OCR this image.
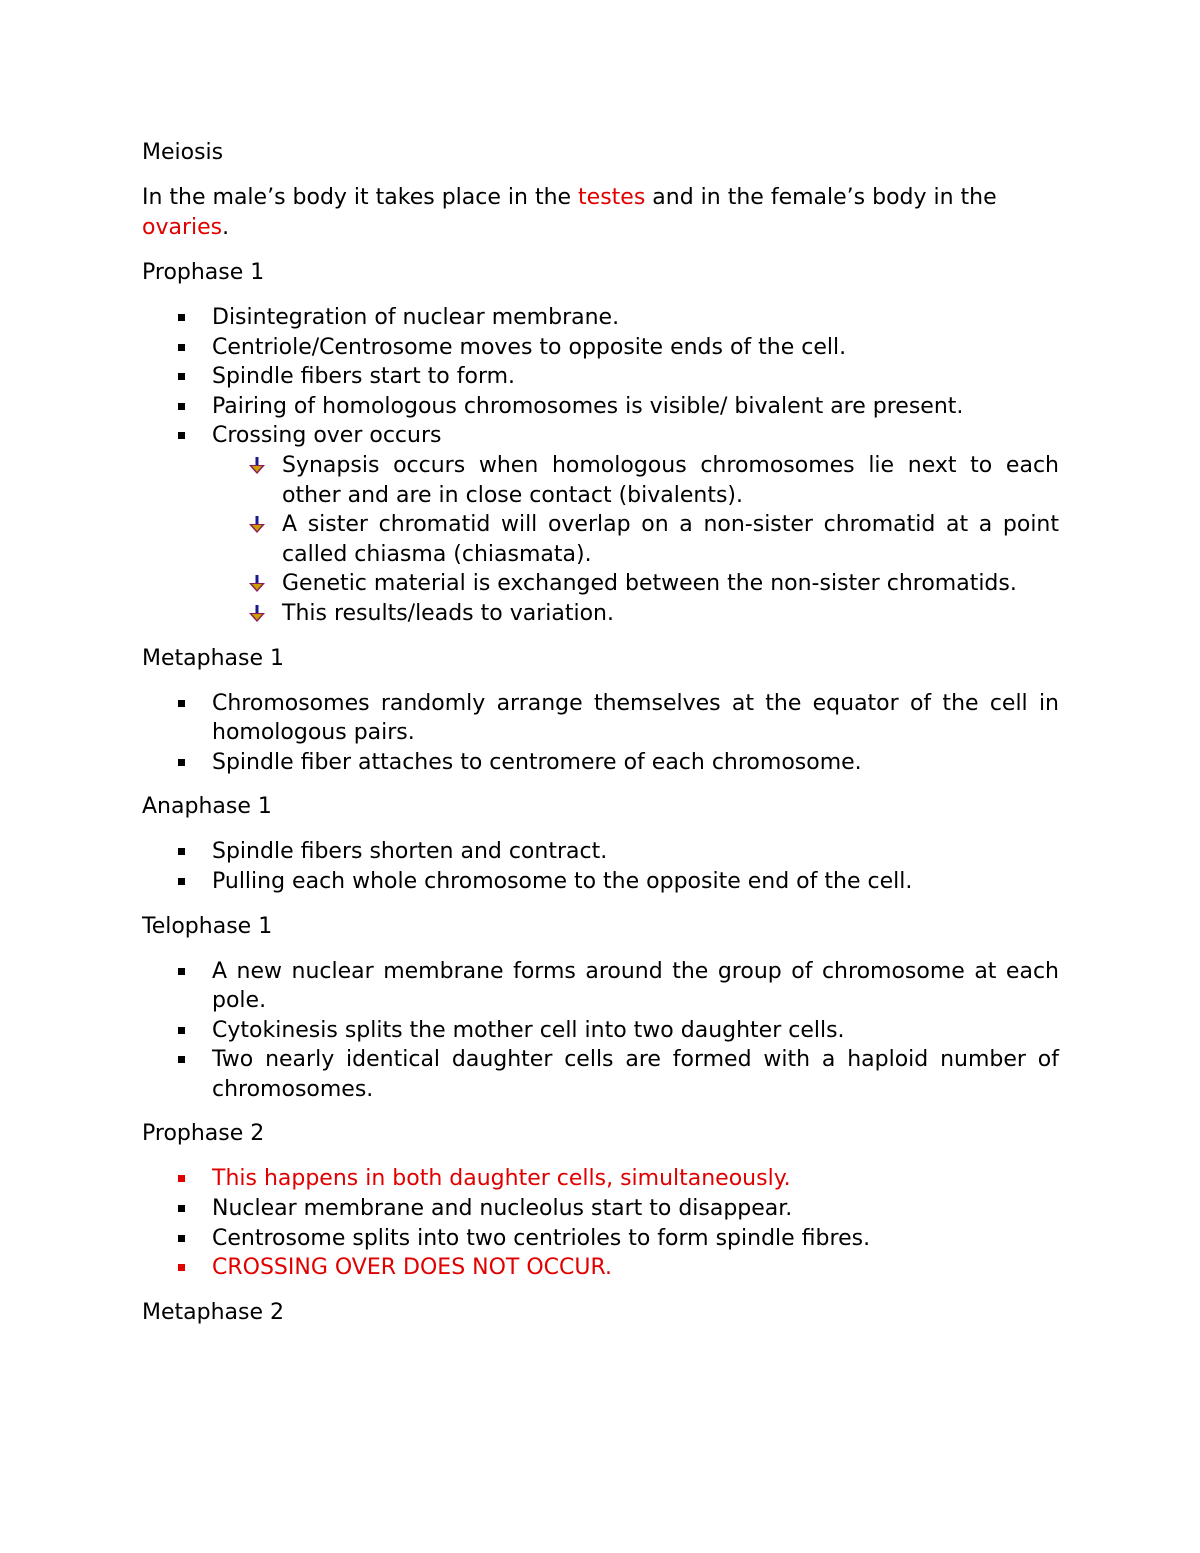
Meiosis

In the male’s body it takes place in the testes and in the female’s body in the ovaries.

Prophase 1

Disintegration of nuclear membrane.
Centriole/Centrosome moves to opposite ends of the cell.
Spindle fibers start to form.
Pairing of homologous chromosomes is visible/ bivalent are present.
Crossing over occurs
Synapsis occurs when homologous chromosomes lie next to each other and are in close contact (bivalents).
A sister chromatid will overlap on a non-sister chromatid at a point called chiasma (chiasmata).
Genetic material is exchanged between the non-sister chromatids.
This results/leads to variation.

Metaphase 1

Chromosomes randomly arrange themselves at the equator of the cell in homologous pairs.
Spindle fiber attaches to centromere of each chromosome.

Anaphase 1

Spindle fibers shorten and contract.
Pulling each whole chromosome to the opposite end of the cell.

Telophase 1

A new nuclear membrane forms around the group of chromosome at each pole.
Cytokinesis splits the mother cell into two daughter cells.
Two nearly identical daughter cells are formed with a haploid number of chromosomes.

Prophase 2

This happens in both daughter cells, simultaneously.
Nuclear membrane and nucleolus start to disappear.
Centrosome splits into two centrioles to form spindle fibres.
CROSSING OVER DOES NOT OCCUR.

Metaphase 2
